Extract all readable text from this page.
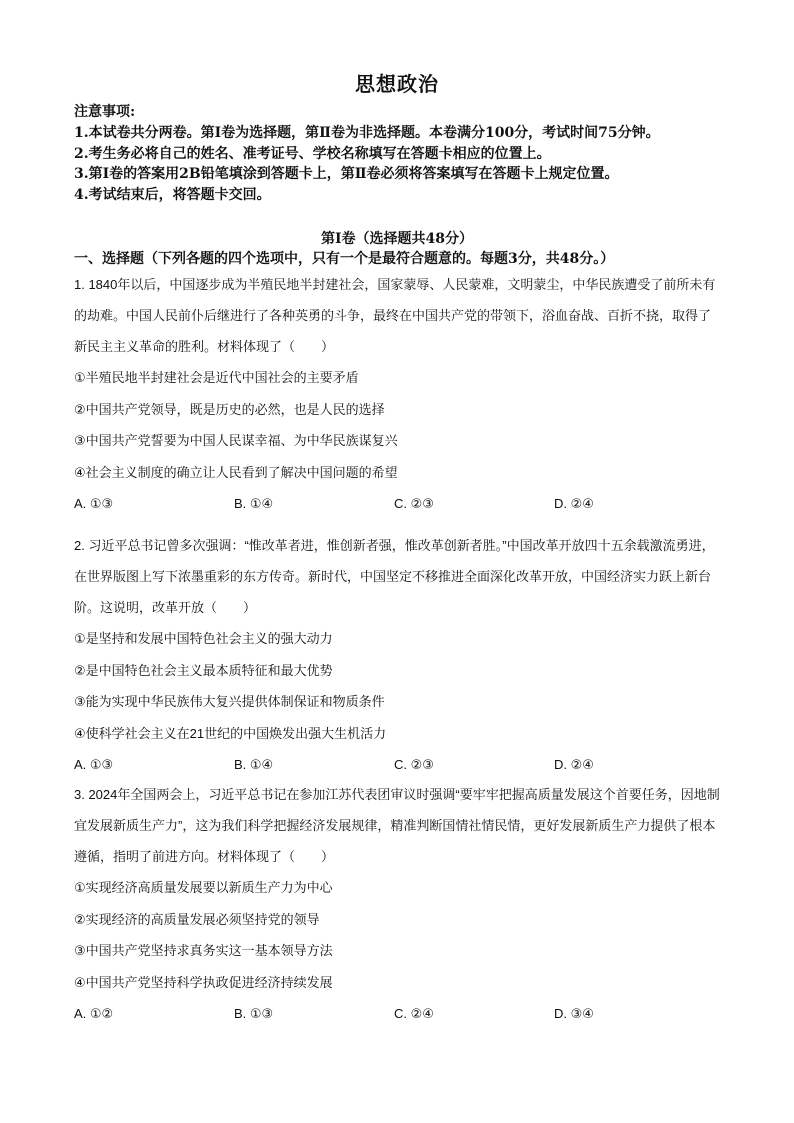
思想政治
注意事项:
1.本试卷共分两卷。第Ⅰ卷为选择题，第Ⅱ卷为非选择题。本卷满分100分，考试时间75分钟。
2.考生务必将自己的姓名、准考证号、学校名称填写在答题卡相应的位置上。
3.第Ⅰ卷的答案用2B铅笔填涂到答题卡上，第Ⅱ卷必须将答案填写在答题卡上规定位置。
4.考试结束后，将答题卡交回。
第Ⅰ卷（选择题共48分）
一、选择题（下列各题的四个选项中，只有一个是最符合题意的。每题3分，共48分。）

1. 1840年以后，中国逐步成为半殖民地半封建社会，国家蒙辱、人民蒙难，文明蒙尘，中华民族遭受了前所未有的劫难。中国人民前仆后继进行了各种英勇的斗争，最终在中国共产党的带领下，浴血奋战、百折不挠，取得了新民主主义革命的胜利。材料体现了（　　）

①半殖民地半封建社会是近代中国社会的主要矛盾

②中国共产党领导，既是历史的必然，也是人民的选择

③中国共产党誓要为中国人民谋幸福、为中华民族谋复兴

④社会主义制度的确立让人民看到了解决中国问题的希望

A. ①③	B. ①④	C. ②③	D. ②④

2. 习近平总书记曾多次强调：“惟改革者进，惟创新者强，惟改革创新者胜。”中国改革开放四十五余载激流勇进，在世界版图上写下浓墨重彩的东方传奇。新时代，中国坚定不移推进全面深化改革开放，中国经济实力跃上新台阶。这说明，改革开放（　　）

①是坚持和发展中国特色社会主义的强大动力

②是中国特色社会主义最本质特征和最大优势

③能为实现中华民族伟大复兴提供体制保证和物质条件

④使科学社会主义在21世纪的中国焕发出强大生机活力

A. ①③	B. ①④	C. ②③	D. ②④

3. 2024年全国两会上，习近平总书记在参加江苏代表团审议时强调“要牢牢把握高质量发展这个首要任务，因地制宜发展新质生产力”，这为我们科学把握经济发展规律，精准判断国情社情民情，更好发展新质生产力提供了根本遵循，指明了前进方向。材料体现了（　　）

①实现经济高质量发展要以新质生产力为中心

②实现经济的高质量发展必须坚持党的领导

③中国共产党坚持求真务实这一基本领导方法

④中国共产党坚持科学执政促进经济持续发展

A. ①②	B. ①③	C. ②④	D. ③④
